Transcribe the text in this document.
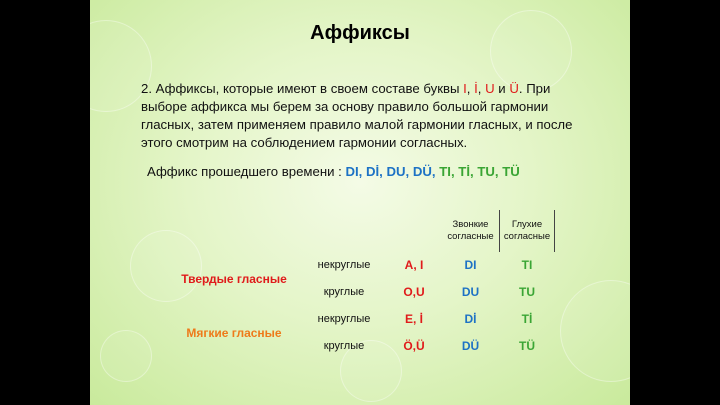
Аффиксы
2. Аффиксы, которые имеют в своем составе буквы I, İ, U и Ü. При выборе аффикса мы берем за основу правило большой гармонии гласных, затем применяем правило малой гармонии гласных, и после этого смотрим на соблюдением гармонии согласных.
Аффикс прошедшего времени : DI, Dİ, DU, DÜ, TI, Tİ, TU, TÜ
			Звонкие согласные	Глухие согласные
Твердые гласные	некруглые	A, I	DI	TI
	круглые	O,U	DU	TU
Мягкие гласные	некруглые	E, İ	Dİ	Tİ
	круглые	Ö,Ü	DÜ	TÜ
